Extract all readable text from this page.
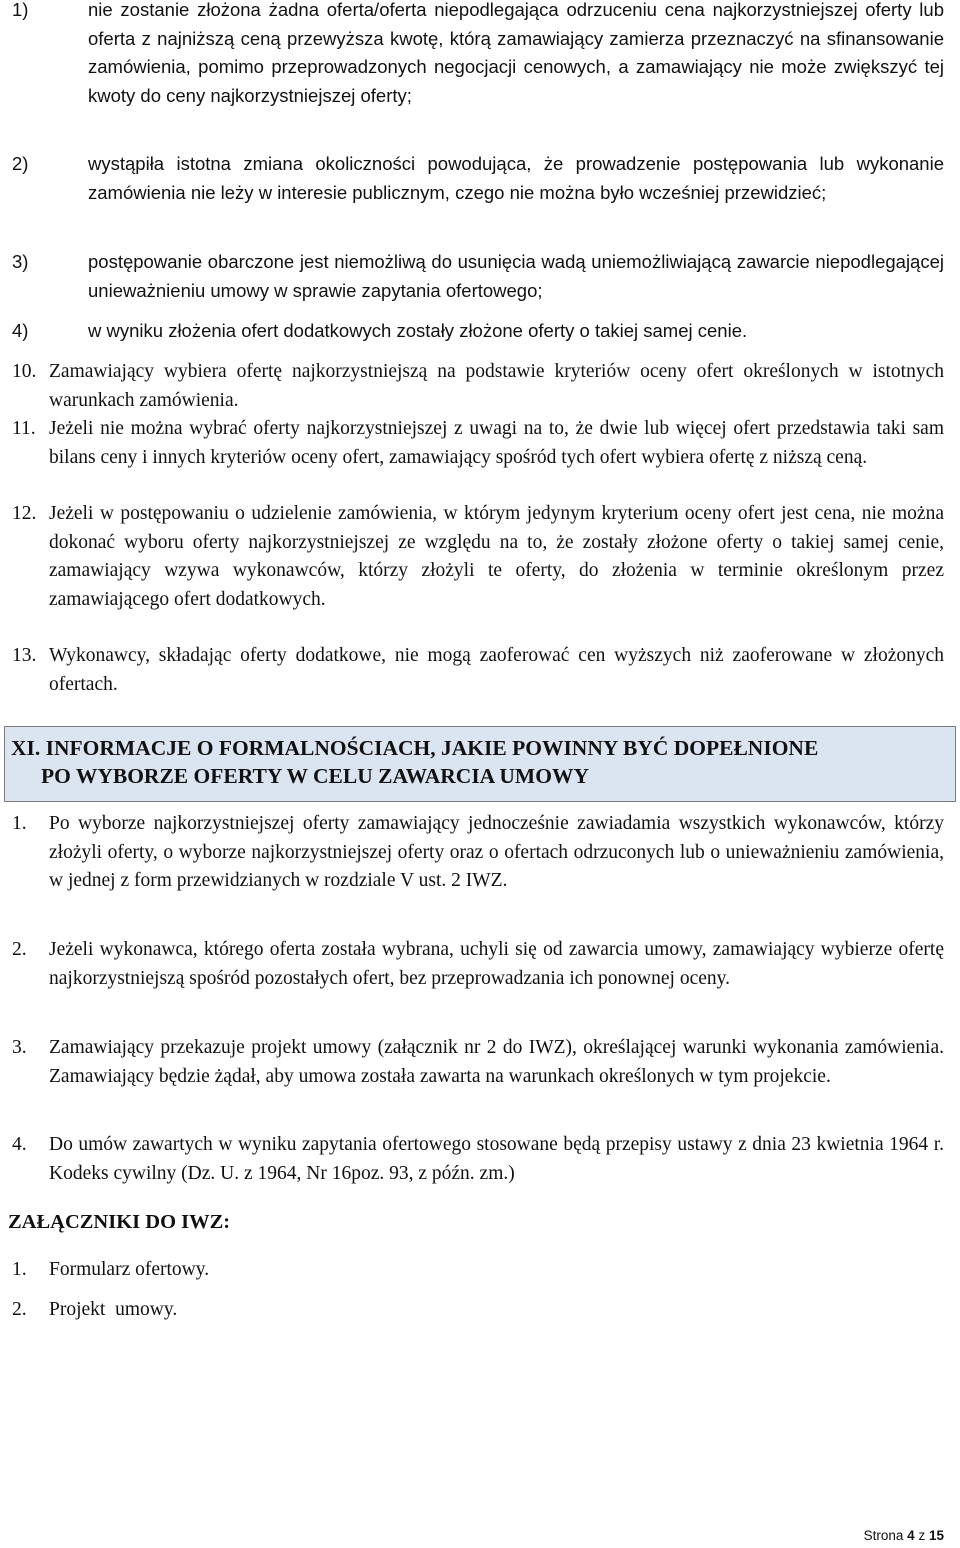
1)	nie zostanie złożona żadna oferta/oferta niepodlegająca odrzuceniu cena najkorzystniejszej oferty lub oferta z najniższą ceną przewyższa kwotę, którą zamawiający zamierza przeznaczyć na sfinansowanie zamówienia, pomimo przeprowadzonych negocjacji cenowych, a zamawiający nie może zwiększyć tej kwoty do ceny najkorzystniejszej oferty;
2)	wystąpiła istotna zmiana okoliczności powodująca, że prowadzenie postępowania lub wykonanie zamówienia nie leży w interesie publicznym, czego nie można było wcześniej przewidzieć;
3)	postępowanie obarczone jest niemożliwą do usunięcia wadą uniemożliwiającą zawarcie niepodlegającej unieważnieniu umowy w sprawie zapytania ofertowego;
4)	w wyniku złożenia ofert dodatkowych zostały złożone oferty o takiej samej cenie.
10. Zamawiający wybiera ofertę najkorzystniejszą na podstawie kryteriów oceny ofert określonych w istotnych warunkach zamówienia.
11. Jeżeli nie można wybrać oferty najkorzystniejszej z uwagi na to, że dwie lub więcej ofert przedstawia taki sam bilans ceny i innych kryteriów oceny ofert, zamawiający spośród tych ofert wybiera ofertę z niższą ceną.
12. Jeżeli w postępowaniu o udzielenie zamówienia, w którym jedynym kryterium oceny ofert jest cena, nie można dokonać wyboru oferty najkorzystniejszej ze względu na to, że zostały złożone oferty o takiej samej cenie, zamawiający wzywa wykonawców, którzy złożyli te oferty, do złożenia w terminie określonym przez zamawiającego ofert dodatkowych.
13. Wykonawcy, składając oferty dodatkowe, nie mogą zaoferować cen wyższych niż zaoferowane w złożonych ofertach.
XI. INFORMACJE O FORMALNOŚCIACH, JAKIE POWINNY BYĆ DOPEŁNIONE
PO WYBORZE OFERTY W CELU ZAWARCIA UMOWY
1.	Po wyborze najkorzystniejszej oferty zamawiający jednocześnie zawiadamia wszystkich wykonawców, którzy złożyli oferty, o wyborze najkorzystniejszej oferty oraz o ofertach odrzuconych lub o unieważnieniu zamówienia, w jednej z form przewidzianych w rozdziale V ust. 2 IWZ.
2.	Jeżeli wykonawca, którego oferta została wybrana, uchyli się od zawarcia umowy, zamawiający wybierze ofertę najkorzystniejszą spośród pozostałych ofert, bez przeprowadzania ich ponownej oceny.
3.	Zamawiający przekazuje projekt umowy (załącznik nr 2 do IWZ), określającej warunki wykonania zamówienia. Zamawiający będzie żądał, aby umowa została zawarta na warunkach określonych w tym projekcie.
4.	Do umów zawartych w wyniku zapytania ofertowego stosowane będą przepisy ustawy z dnia 23 kwietnia 1964 r. Kodeks cywilny (Dz. U. z 1964, Nr 16poz. 93, z późn. zm.)
ZAŁĄCZNIKI DO IWZ:
1.	Formularz ofertowy.
2.	Projekt  umowy.
Strona 4 z 15
